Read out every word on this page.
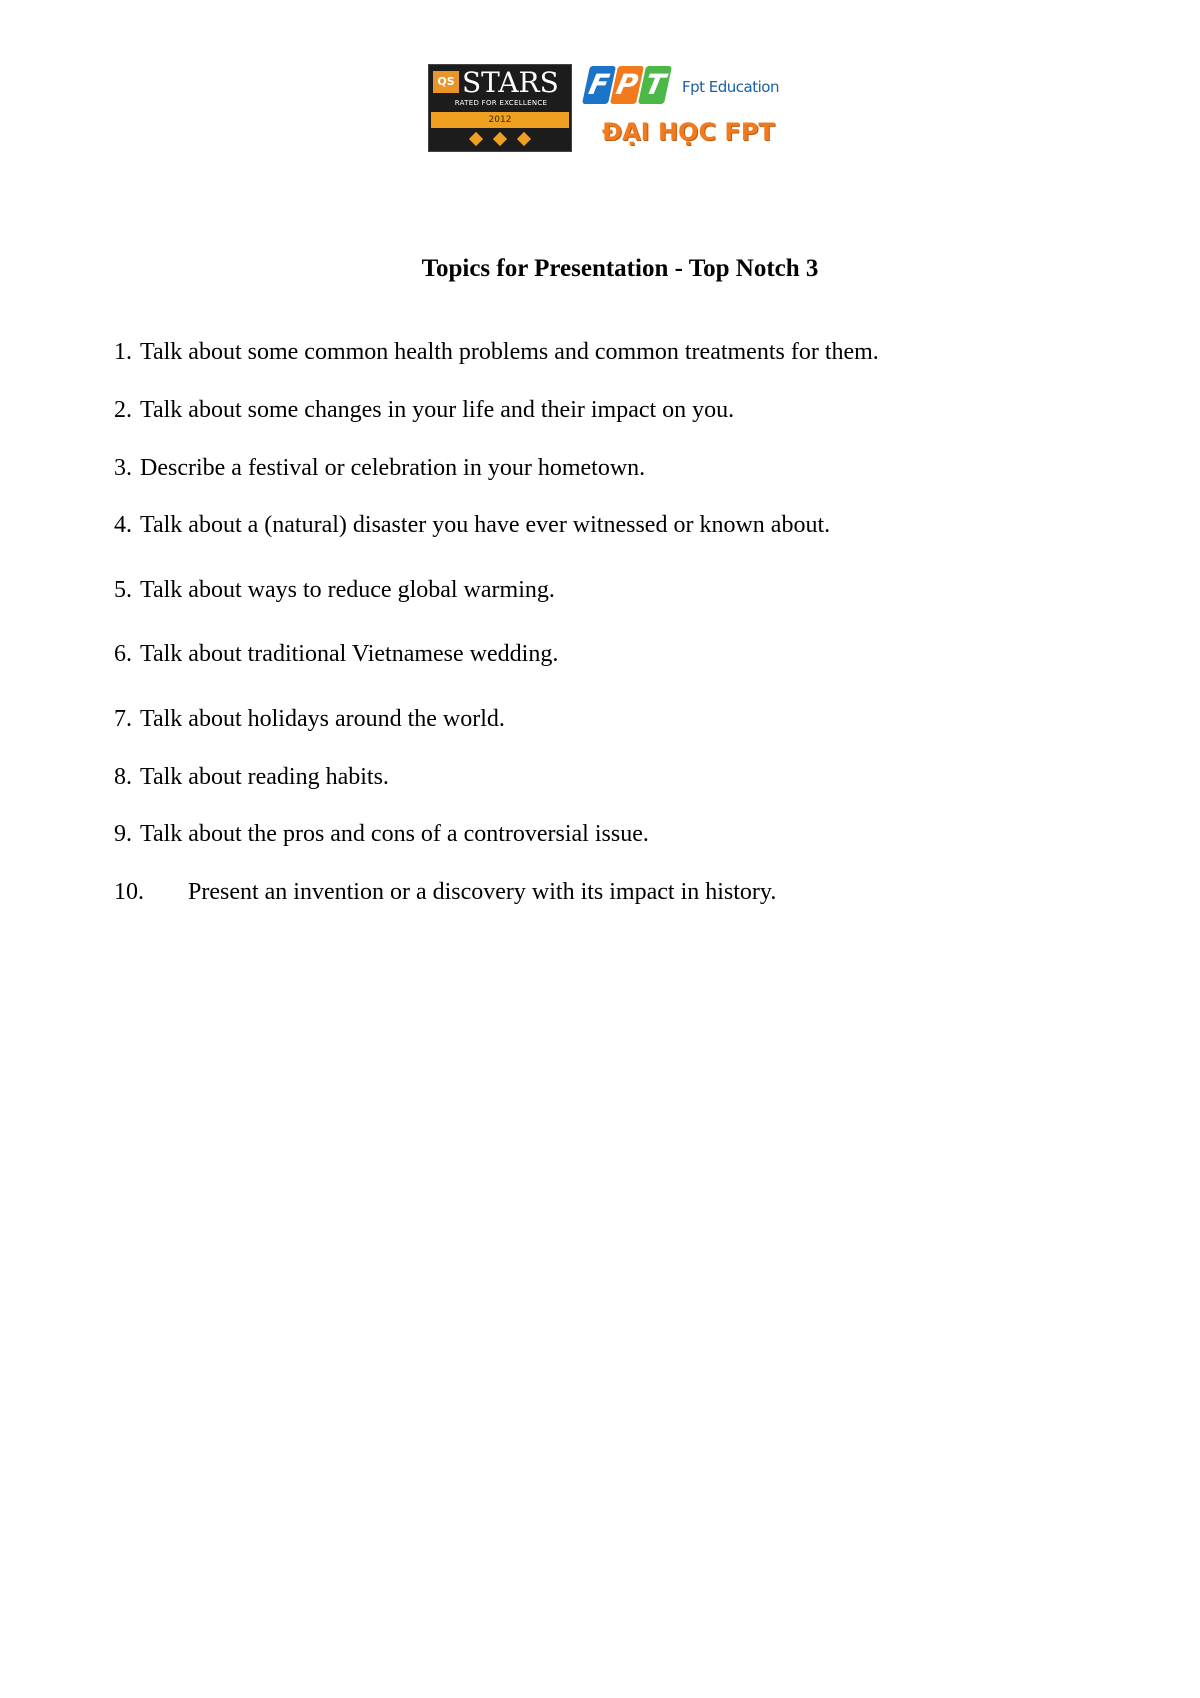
QS STARS
RATED FOR EXCELLENCE
2012
F P T Fpt Education
ĐẠI HỌC FPT
Topics for Presentation - Top Notch 3
1. Talk about some common health problems and common treatments for them.
2. Talk about some changes in your life and their impact on you.
3. Describe a festival or celebration in your hometown.
4. Talk about a (natural) disaster you have ever witnessed or known about.
5. Talk about ways to reduce global warming.
6. Talk about traditional Vietnamese wedding.
7. Talk about holidays around the world.
8. Talk about reading habits.
9. Talk about the pros and cons of a controversial issue.
10. Present an invention or a discovery with its impact in history.
